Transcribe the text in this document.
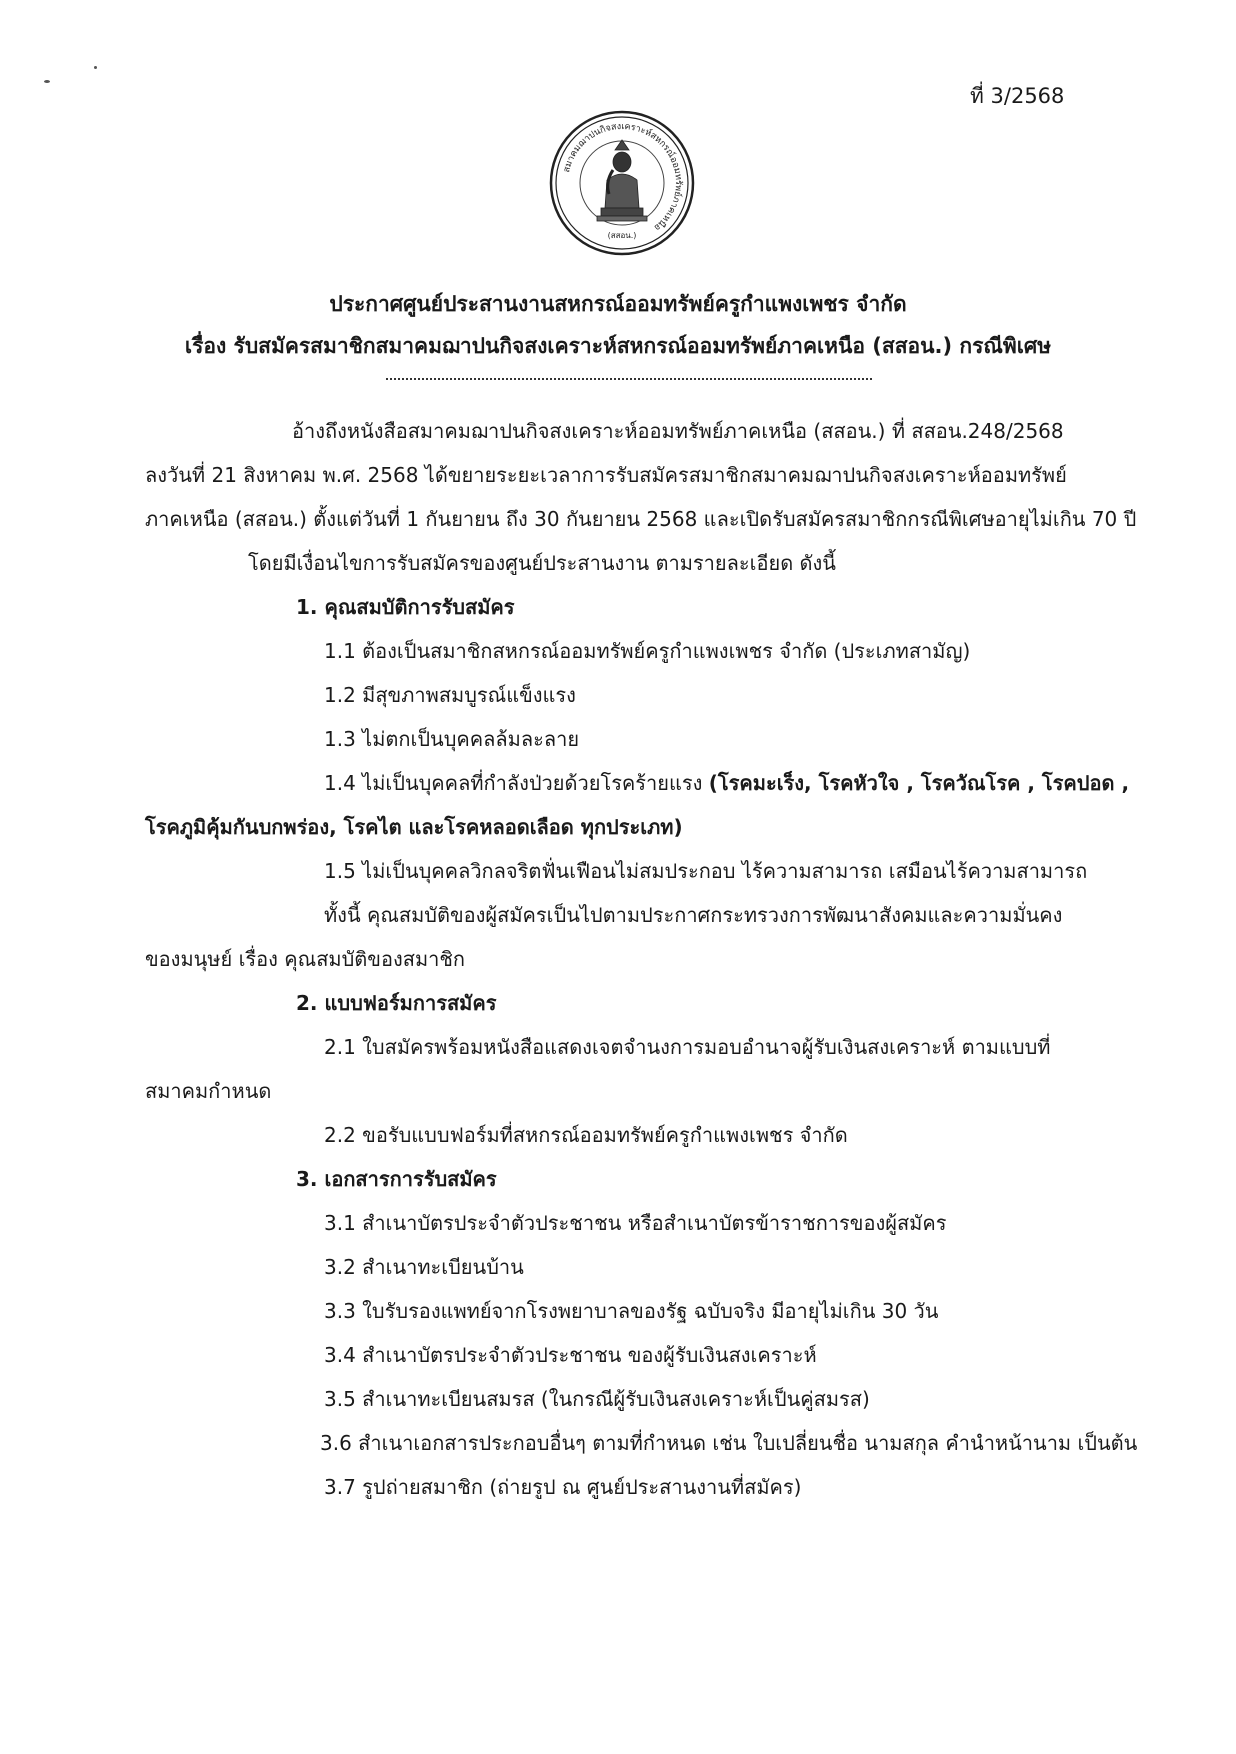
ที่ 3/2568
สมาคมฌาปนกิจสงเคราะห์สหกรณ์ออมทรัพย์ภาคเหนือ
(สสอน.)
ประกาศศูนย์ประสานงานสหกรณ์ออมทรัพย์ครูกำแพงเพชร จำกัด
เรื่อง รับสมัครสมาชิกสมาคมฌาปนกิจสงเคราะห์สหกรณ์ออมทรัพย์ภาคเหนือ (สสอน.) กรณีพิเศษ
อ้างถึงหนังสือสมาคมฌาปนกิจสงเคราะห์ออมทรัพย์ภาคเหนือ (สสอน.) ที่ สสอน.248/2568
ลงวันที่ 21 สิงหาคม พ.ศ. 2568 ได้ขยายระยะเวลาการรับสมัครสมาชิกสมาคมฌาปนกิจสงเคราะห์ออมทรัพย์
ภาคเหนือ (สสอน.) ตั้งแต่วันที่ 1 กันยายน ถึง 30 กันยายน 2568 และเปิดรับสมัครสมาชิกกรณีพิเศษอายุไม่เกิน 70 ปี
โดยมีเงื่อนไขการรับสมัครของศูนย์ประสานงาน ตามรายละเอียด ดังนี้
1. คุณสมบัติการรับสมัคร
1.1 ต้องเป็นสมาชิกสหกรณ์ออมทรัพย์ครูกำแพงเพชร จำกัด (ประเภทสามัญ)
1.2 มีสุขภาพสมบูรณ์แข็งแรง
1.3 ไม่ตกเป็นบุคคลล้มละลาย
1.4 ไม่เป็นบุคคลที่กำลังป่วยด้วยโรคร้ายแรง (โรคมะเร็ง, โรคหัวใจ , โรควัณโรค , โรคปอด ,
โรคภูมิคุ้มกันบกพร่อง, โรคไต และโรคหลอดเลือด ทุกประเภท)
1.5 ไม่เป็นบุคคลวิกลจริตฟั่นเฟือนไม่สมประกอบ ไร้ความสามารถ เสมือนไร้ความสามารถ
ทั้งนี้ คุณสมบัติของผู้สมัครเป็นไปตามประกาศกระทรวงการพัฒนาสังคมและความมั่นคง
ของมนุษย์ เรื่อง คุณสมบัติของสมาชิก
2. แบบฟอร์มการสมัคร
2.1 ใบสมัครพร้อมหนังสือแสดงเจตจำนงการมอบอำนาจผู้รับเงินสงเคราะห์ ตามแบบที่
สมาคมกำหนด
2.2 ขอรับแบบฟอร์มที่สหกรณ์ออมทรัพย์ครูกำแพงเพชร จำกัด
3. เอกสารการรับสมัคร
3.1 สำเนาบัตรประจำตัวประชาชน หรือสำเนาบัตรข้าราชการของผู้สมัคร
3.2 สำเนาทะเบียนบ้าน
3.3 ใบรับรองแพทย์จากโรงพยาบาลของรัฐ ฉบับจริง มีอายุไม่เกิน 30 วัน
3.4 สำเนาบัตรประจำตัวประชาชน ของผู้รับเงินสงเคราะห์
3.5 สำเนาทะเบียนสมรส (ในกรณีผู้รับเงินสงเคราะห์เป็นคู่สมรส)
3.6 สำเนาเอกสารประกอบอื่นๆ ตามที่กำหนด เช่น ใบเปลี่ยนชื่อ นามสกุล คำนำหน้านาม เป็นต้น
3.7 รูปถ่ายสมาชิก (ถ่ายรูป ณ ศูนย์ประสานงานที่สมัคร)
